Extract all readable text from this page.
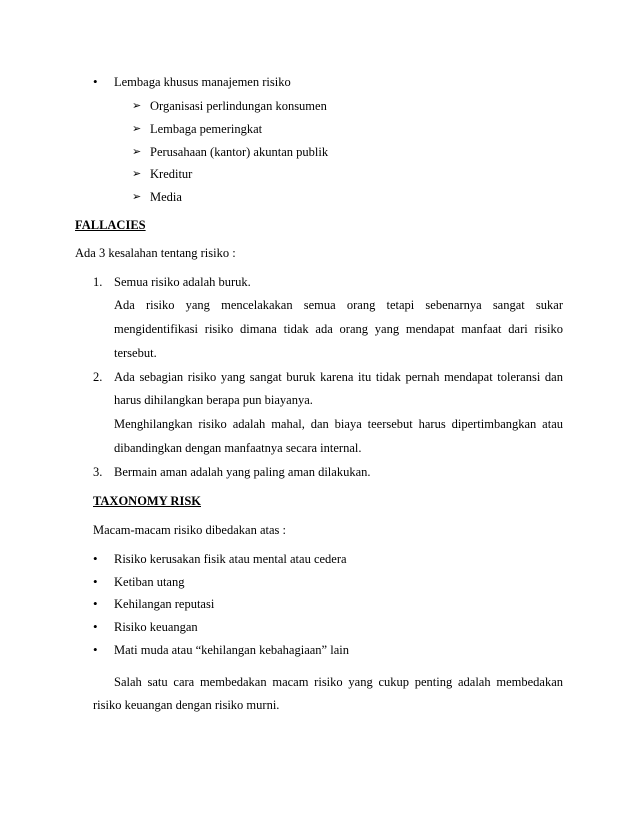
• Lembaga khusus manajemen risiko
➢ Organisasi perlindungan konsumen
➢ Lembaga pemeringkat
➢ Perusahaan (kantor) akuntan publik
➢ Kreditur
➢ Media
FALLACIES
Ada 3 kesalahan tentang risiko :
1. Semua risiko adalah buruk.
Ada risiko yang mencelakakan semua orang tetapi sebenarnya sangat sukar
mengidentifikasi risiko dimana tidak ada orang yang mendapat manfaat dari risiko
tersebut.
2. Ada sebagian risiko yang sangat buruk karena itu tidak pernah mendapat toleransi dan
harus dihilangkan berapa pun biayanya.
Menghilangkan risiko adalah mahal, dan biaya teersebut harus dipertimbangkan atau
dibandingkan dengan manfaatnya secara internal.
3. Bermain aman adalah yang paling aman dilakukan.
TAXONOMY RISK
Macam-macam risiko dibedakan atas :
• Risiko kerusakan fisik atau mental atau cedera
• Ketiban utang
• Kehilangan reputasi
• Risiko keuangan
• Mati muda atau “kehilangan kebahagiaan” lain
Salah satu cara membedakan macam risiko yang cukup penting adalah membedakan
risiko keuangan dengan risiko murni.
